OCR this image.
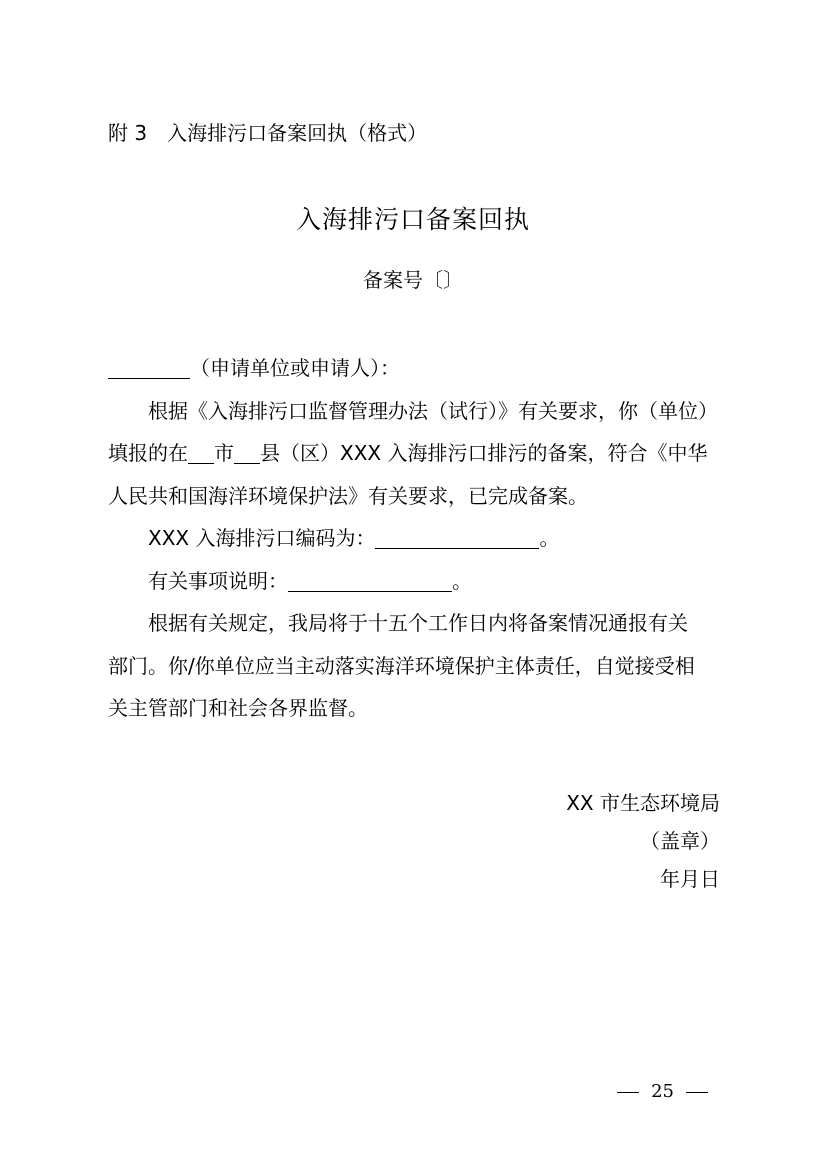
附 3 入海排污口备案回执（格式）
入海排污口备案回执
备案号〔〕
（申请单位或申请人）：
根据《入海排污口监督管理办法（试行）》有关要求，你（单位）
填报的在 市 县（区）XXX 入海排污口排污的备案，符合《中华
人民共和国海洋环境保护法》有关要求，已完成备案。
XXX 入海排污口编码为：	。
有关事项说明：	。
根据有关规定，我局将于十五个工作日内将备案情况通报有关
部门。你/你单位应当主动落实海洋环境保护主体责任，自觉接受相
关主管部门和社会各界监督。
XX 市生态环境局
（盖章）
年月日
25
